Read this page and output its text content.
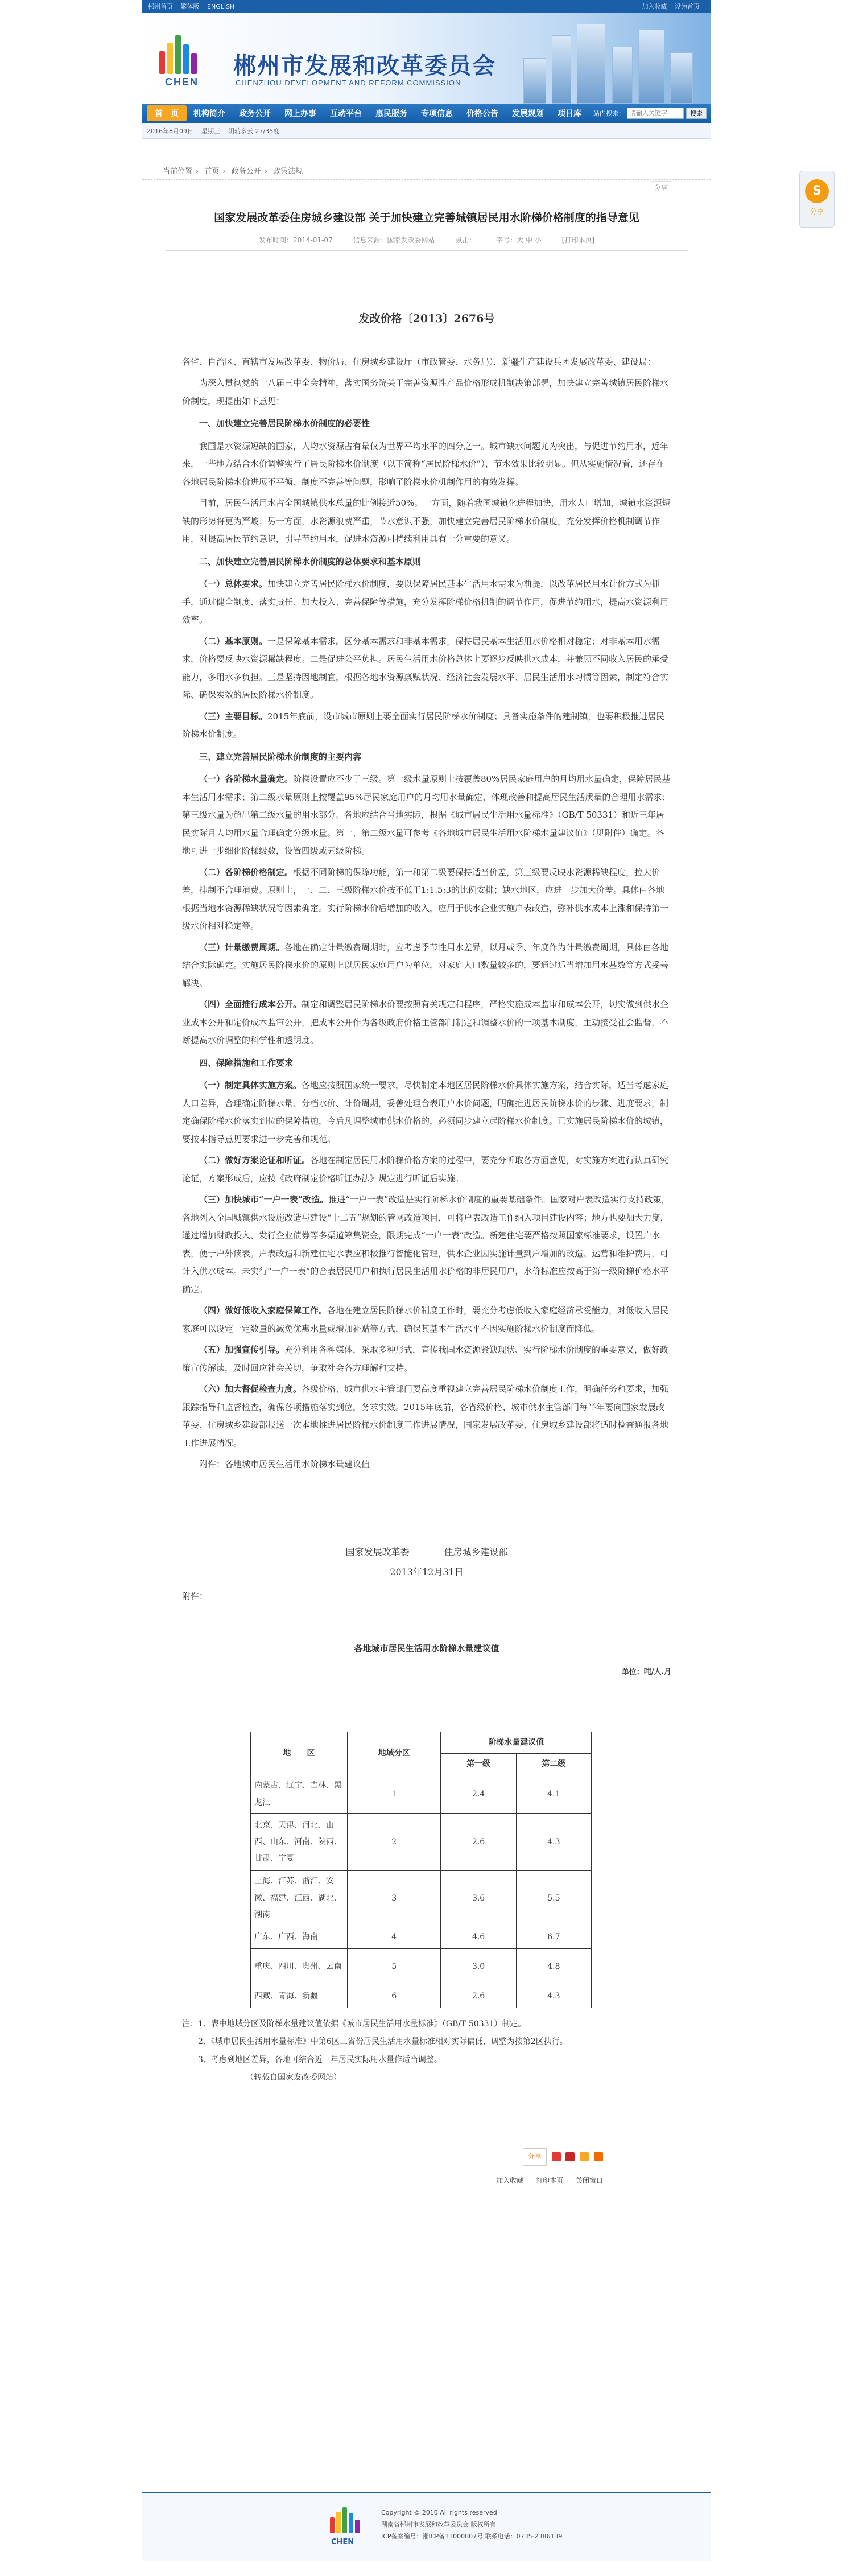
郴州首页 繁体版 ENGLISH	加入收藏 设为首页
CHEN
郴州市发展和改革委员会
CHENZHOU DEVELOPMENT AND REFORM COMMISSION
首　页	机构简介	政务公开	网上办事	互动平台	惠民服务	专项信息	价格公告	发展规划	项目库	站内搜索：
请输入关键字	搜索
2016年8月09日 星期三 阴转多云 27/35度
当前位置 › 首页 › 政务公开 › 政策法规
分享
国家发展改革委住房城乡建设部 关于加快建立完善城镇居民用水阶梯价格制度的指导意见
发布时间：2014-01-07	信息来源：国家发改委网站	点击：	字号：大 中 小	[打印本页]
发改价格〔2013〕2676号

各省、自治区、直辖市发展改革委、物价局、住房城乡建设厅（市政管委、水务局），新疆生产建设兵团发展改革委、建设局：

为深入贯彻党的十八届三中全会精神，落实国务院关于完善资源性产品价格形成机制决策部署，加快建立完善城镇居民阶梯水价制度，现提出如下意见：

一、加快建立完善居民阶梯水价制度的必要性

我国是水资源短缺的国家，人均水资源占有量仅为世界平均水平的四分之一。城市缺水问题尤为突出，与促进节约用水，近年来，一些地方结合水价调整实行了居民阶梯水价制度（以下简称“居民阶梯水价”），节水效果比较明显。但从实施情况看，还存在各地居民阶梯水价进展不平衡、制度不完善等问题，影响了阶梯水价机制作用的有效发挥。

目前，居民生活用水占全国城镇供水总量的比例接近50%。一方面，随着我国城镇化进程加快，用水人口增加，城镇水资源短缺的形势将更为严峻；另一方面，水资源浪费严重，节水意识不强，加快建立完善居民阶梯水价制度，充分发挥价格机制调节作用，对提高居民节约意识，引导节约用水，促进水资源可持续利用具有十分重要的意义。

二、加快建立完善居民阶梯水价制度的总体要求和基本原则

（一）总体要求。加快建立完善居民阶梯水价制度，要以保障居民基本生活用水需求为前提，以改革居民用水计价方式为抓手，通过健全制度、落实责任、加大投入、完善保障等措施，充分发挥阶梯价格机制的调节作用，促进节约用水，提高水资源利用效率。

（二）基本原则。一是保障基本需求。区分基本需求和非基本需求，保持居民基本生活用水价格相对稳定；对非基本用水需求，价格要反映水资源稀缺程度。二是促进公平负担。居民生活用水价格总体上要逐步反映供水成本，并兼顾不同收入居民的承受能力，多用水多负担。三是坚持因地制宜，根据各地水资源禀赋状况、经济社会发展水平、居民生活用水习惯等因素，制定符合实际、确保实效的居民阶梯水价制度。

（三）主要目标。2015年底前，设市城市原则上要全面实行居民阶梯水价制度；具备实施条件的建制镇，也要积极推进居民阶梯水价制度。

三、建立完善居民阶梯水价制度的主要内容

（一）各阶梯水量确定。阶梯设置应不少于三级。第一级水量原则上按覆盖80%居民家庭用户的月均用水量确定，保障居民基本生活用水需求；第二级水量原则上按覆盖95%居民家庭用户的月均用水量确定，体现改善和提高居民生活质量的合理用水需求；第三级水量为超出第二级水量的用水部分。各地应结合当地实际，根据《城市居民生活用水量标准》（GB/T 50331）和近三年居民实际月人均用水量合理确定分级水量。第一、第二级水量可参考《各地城市居民生活用水阶梯水量建议值》（见附件）确定。各地可进一步细化阶梯级数，设置四级或五级阶梯。

（二）各阶梯价格制定。根据不同阶梯的保障功能，第一和第二级要保持适当价差，第三级要反映水资源稀缺程度，拉大价差，抑制不合理消费。原则上，一、二、三级阶梯水价按不低于1:1.5:3的比例安排；缺水地区，应进一步加大价差。具体由各地根据当地水资源稀缺状况等因素确定。实行阶梯水价后增加的收入，应用于供水企业实施户表改造，弥补供水成本上涨和保持第一级水价相对稳定等。

（三）计量缴费周期。各地在确定计量缴费周期时，应考虑季节性用水差异，以月或季、年度作为计量缴费周期，具体由各地结合实际确定。实施居民阶梯水价的原则上以居民家庭用户为单位，对家庭人口数量较多的，要通过适当增加用水基数等方式妥善解决。

（四）全面推行成本公开。制定和调整居民阶梯水价要按照有关规定和程序，严格实施成本监审和成本公开，切实做到供水企业成本公开和定价成本监审公开，把成本公开作为各级政府价格主管部门制定和调整水价的一项基本制度，主动接受社会监督，不断提高水价调整的科学性和透明度。

四、保障措施和工作要求

（一）制定具体实施方案。各地应按照国家统一要求，尽快制定本地区居民阶梯水价具体实施方案，结合实际，适当考虑家庭人口差异，合理确定阶梯水量、分档水价、计价周期，妥善处理合表用户水价问题，明确推进居民阶梯水价的步骤、进度要求，制定确保阶梯水价落实到位的保障措施，今后凡调整城市供水价格的，必须同步建立起阶梯水价制度。已实施居民阶梯水价的城镇，要按本指导意见要求进一步完善和规范。

（二）做好方案论证和听证。各地在制定居民用水阶梯价格方案的过程中，要充分听取各方面意见，对实施方案进行认真研究论证，方案形成后，应按《政府制定价格听证办法》规定进行听证后实施。

（三）加快城市“一户一表”改造。推进“一户一表”改造是实行阶梯水价制度的重要基础条件。国家对户表改造实行支持政策，各地列入全国城镇供水设施改造与建设“十二五”规划的管网改造项目，可将户表改造工作纳入项目建设内容；地方也要加大力度，通过增加财政投入、发行企业债券等多渠道筹集资金，限期完成“一户一表”改造。新建住宅要严格按照国家标准要求，设置户水表，便于户外读表。户表改造和新建住宅水表应积极推行智能化管理，供水企业因实施计量到户增加的改造、运营和维护费用，可计入供水成本。未实行“一户一表”的合表居民用户和执行居民生活用水价格的非居民用户，水价标准应按高于第一级阶梯价格水平确定。

（四）做好低收入家庭保障工作。各地在建立居民阶梯水价制度工作时，要充分考虑低收入家庭经济承受能力，对低收入居民家庭可以设定一定数量的减免优惠水量或增加补贴等方式，确保其基本生活水平不因实施阶梯水价制度而降低。

（五）加强宣传引导。充分利用各种媒体，采取多种形式，宣传我国水资源紧缺现状、实行阶梯水价制度的重要意义，做好政策宣传解读，及时回应社会关切，争取社会各方理解和支持。

（六）加大督促检查力度。各级价格、城市供水主管部门要高度重视建立完善居民阶梯水价制度工作，明确任务和要求，加强跟踪指导和监督检查，确保各项措施落实到位，务求实效。2015年底前，各省级价格、城市供水主管部门每半年要向国家发展改革委、住房城乡建设部报送一次本地推进居民阶梯水价制度工作进展情况，国家发展改革委、住房城乡建设部将适时检查通报各地工作进展情况。

附件：各地城市居民生活用水阶梯水量建议值

国家发展改革委	住房城乡建设部
2013年12月31日
附件：
各地城市居民生活用水阶梯水量建议值
单位：吨/人.月
地　　区	地域分区	阶梯水量建议值	
		第一级	第二级
内蒙古、辽宁、吉林、黑龙江	1	2.4	4.1
北京、天津、河北、山西、山东、河南、陕西、甘肃、宁夏	2	2.6	4.3
上海、江苏、浙江、安徽、福建、江西、湖北、湖南	3	3.6	5.5
广东、广西、海南	4	4.6	6.7
重庆、四川、贵州、云南	5	3.0	4.8
西藏、青海、新疆	6	2.6	4.3

注：1、表中地域分区及阶梯水量建议值依据《城市居民生活用水量标准》（GB/T 50331）制定。

2、《城市居民生活用水量标准》中第6区三省份居民生活用水量标准相对实际偏低，调整为按第2区执行。

3、考虑到地区差异，各地可结合近三年居民实际用水量作适当调整。

（转载自国家发改委网站）

分享
加入收藏 打印本页 关闭窗口
CHEN
Copyright © 2010 All rights reserved
湖南省郴州市发展和改革委员会 版权所有
ICP备案编号：湘ICP备13000807号 联系电话：0735-2386139
S
分享
